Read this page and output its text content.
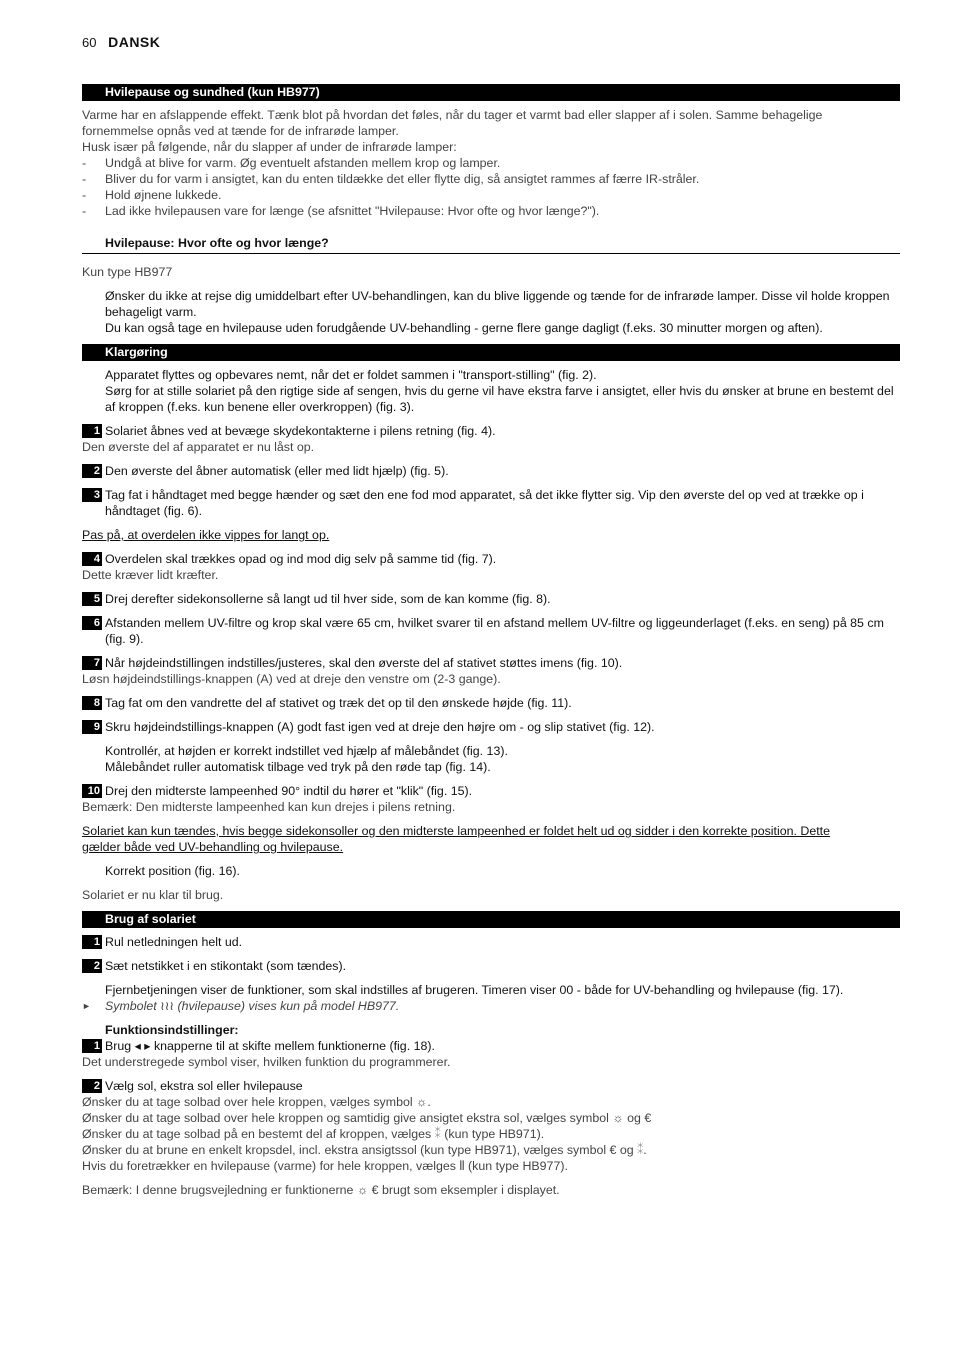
60 DANSK
Hvilepause og sundhed (kun HB977)

Varme har en afslappende effekt. Tænk blot på hvordan det føles, når du tager et varmt bad eller slapper af i solen. Samme behagelige

fornemmelse opnås ved at tænde for de infrarøde lamper.

Husk især på følgende, når du slapper af under de infrarøde lamper:

-	Undgå at blive for varm. Øg eventuelt afstanden mellem krop og lamper.
-	Bliver du for varm i ansigtet, kan du enten tildække det eller flytte dig, så ansigtet rammes af færre IR-stråler.
-	Hold øjnene lukkede.
-	Lad ikke hvilepausen vare for længe (se afsnittet "Hvilepause: Hvor ofte og hvor længe?").
Hvilepause: Hvor ofte og hvor længe?

Kun type HB977

Ønsker du ikke at rejse dig umiddelbart efter UV-behandlingen, kan du blive liggende og tænde for de infrarøde lamper. Disse vil holde kroppen behageligt varm.

Du kan også tage en hvilepause uden forudgående UV-behandling - gerne flere gange dagligt (f.eks. 30 minutter morgen og aften).

Klargøring

Apparatet flyttes og opbevares nemt, når det er foldet sammen i "transport-stilling" (fig. 2).

Sørg for at stille solariet på den rigtige side af sengen, hvis du gerne vil have ekstra farve i ansigtet, eller hvis du ønsker at brune en bestemt del af kroppen (f.eks. kun benene eller overkroppen) (fig. 3).

1 Solariet åbnes ved at bevæge skydekontakterne i pilens retning (fig. 4).

Den øverste del af apparatet er nu låst op.

2 Den øverste del åbner automatisk (eller med lidt hjælp) (fig. 5).
3 Tag fat i håndtaget med begge hænder og sæt den ene fod mod apparatet, så det ikke flytter sig. Vip den øverste del op ved at trække op i håndtaget (fig. 6).

Pas på, at overdelen ikke vippes for langt op.

4 Overdelen skal trækkes opad og ind mod dig selv på samme tid (fig. 7).

Dette kræver lidt kræfter.

5 Drej derefter sidekonsollerne så langt ud til hver side, som de kan komme (fig. 8).
6 Afstanden mellem UV-filtre og krop skal være 65 cm, hvilket svarer til en afstand mellem UV-filtre og liggeunderlaget (f.eks. en seng) på 85 cm (fig. 9).
7 Når højdeindstillingen indstilles/justeres, skal den øverste del af stativet støttes imens (fig. 10).

Løsn højdeindstillings-knappen (A) ved at dreje den venstre om (2-3 gange).

8 Tag fat om den vandrette del af stativet og træk det op til den ønskede højde (fig. 11).
9 Skru højdeindstillings-knappen (A) godt fast igen ved at dreje den højre om - og slip stativet (fig. 12).

Kontrollér, at højden er korrekt indstillet ved hjælp af målebåndet (fig. 13).

Målebåndet ruller automatisk tilbage ved tryk på den røde tap (fig. 14).

10 Drej den midterste lampeenhed 90° indtil du hører et "klik" (fig. 15).

Bemærk: Den midterste lampeenhed kan kun drejes i pilens retning.

Solariet kan kun tændes, hvis begge sidekonsoller og den midterste lampeenhed er foldet helt ud og sidder i den korrekte position. Dette

gælder både ved UV-behandling og hvilepause.

Korrekt position (fig. 16).

Solariet er nu klar til brug.

Brug af solariet
1 Rul netledningen helt ud.
2 Sæt netstikket i en stikontakt (som tændes).

Fjernbetjeningen viser de funktioner, som skal indstilles af brugeren. Timeren viser 00 - både for UV-behandling og hvilepause (fig. 17).

►	Symbolet ≀≀≀ (hvilepause) vises kun på model HB977.

Funktionsindstillinger:

1 Brug ◂ ▸ knapperne til at skifte mellem funktionerne (fig. 18).

Det understregede symbol viser, hvilken funktion du programmerer.

2 Vælg sol, ekstra sol eller hvilepause

Ønsker du at tage solbad over hele kroppen, vælges symbol ☼.

Ønsker du at tage solbad over hele kroppen og samtidig give ansigtet ekstra sol, vælges symbol ☼ og €

Ønsker du at tage solbad på en bestemt del af kroppen, vælges ⁑ (kun type HB971).

Ønsker du at brune en enkelt kropsdel, incl. ekstra ansigtssol (kun type HB971), vælges symbol € og ⁑.

Hvis du foretrækker en hvilepause (varme) for hele kroppen, vælges ⫴ (kun type HB977).

Bemærk: I denne brugsvejledning er funktionerne ☼ € brugt som eksempler i displayet.
